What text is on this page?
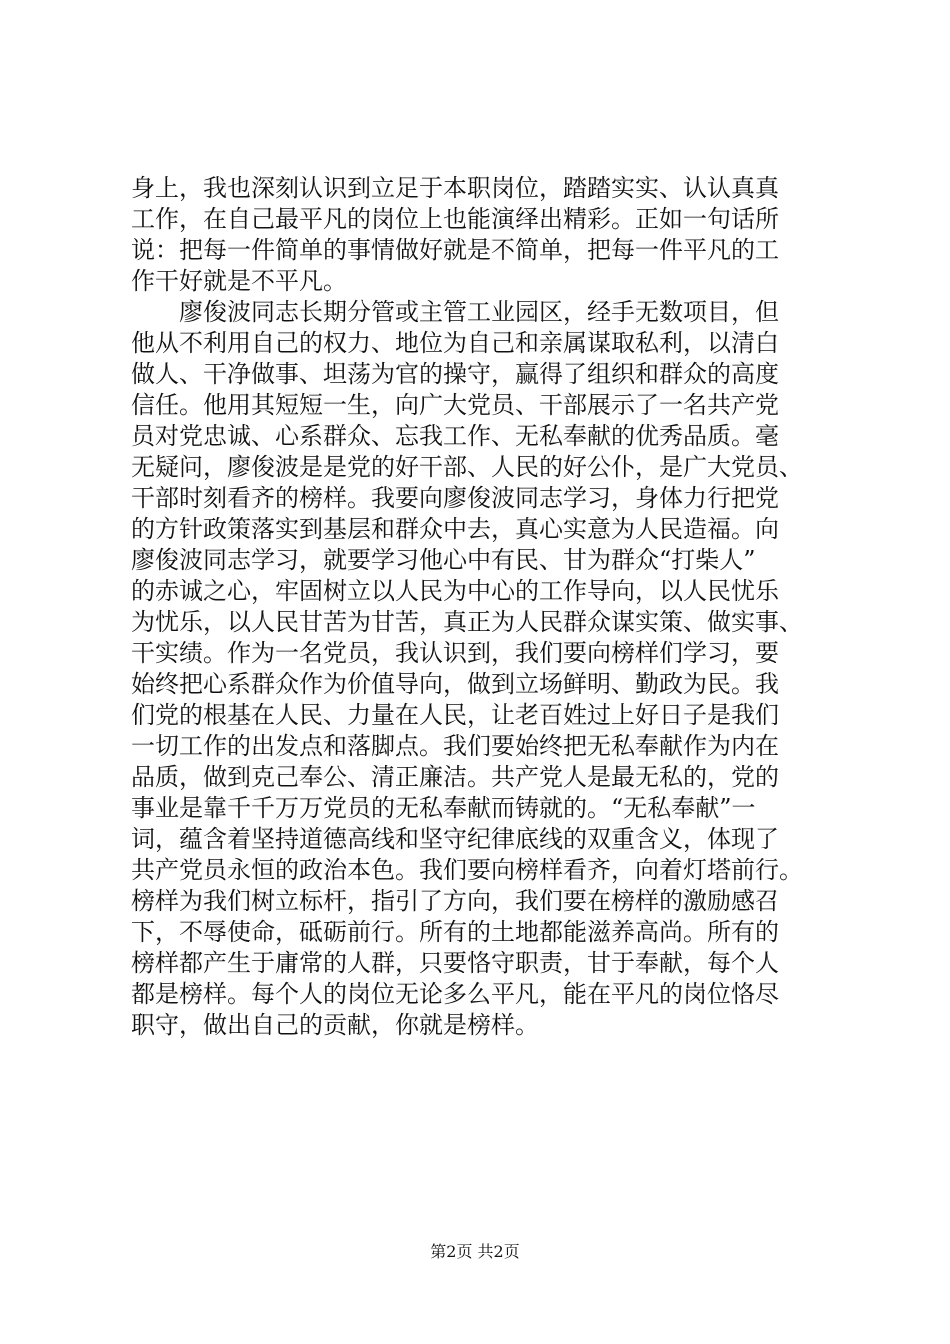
身上，我也深刻认识到立足于本职岗位，踏踏实实、认认真真
工作，在自己最平凡的岗位上也能演绎出精彩。正如一句话所
说：把每一件简单的事情做好就是不简单，把每一件平凡的工
作干好就是不平凡。
　　廖俊波同志长期分管或主管工业园区，经手无数项目，但
他从不利用自己的权力、地位为自己和亲属谋取私利，以清白
做人、干净做事、坦荡为官的操守，赢得了组织和群众的高度
信任。他用其短短一生，向广大党员、干部展示了一名共产党
员对党忠诚、心系群众、忘我工作、无私奉献的优秀品质。毫
无疑问，廖俊波是是党的好干部、人民的好公仆，是广大党员、
干部时刻看齐的榜样。我要向廖俊波同志学习，身体力行把党
的方针政策落实到基层和群众中去，真心实意为人民造福。向
廖俊波同志学习，就要学习他心中有民、甘为群众“打柴人”
的赤诚之心，牢固树立以人民为中心的工作导向，以人民忧乐
为忧乐，以人民甘苦为甘苦，真正为人民群众谋实策、做实事、
干实绩。作为一名党员，我认识到，我们要向榜样们学习，要
始终把心系群众作为价值导向，做到立场鲜明、勤政为民。我
们党的根基在人民、力量在人民，让老百姓过上好日子是我们
一切工作的出发点和落脚点。我们要始终把无私奉献作为内在
品质，做到克己奉公、清正廉洁。共产党人是最无私的，党的
事业是靠千千万万党员的无私奉献而铸就的。“无私奉献”一
词，蕴含着坚持道德高线和坚守纪律底线的双重含义，体现了
共产党员永恒的政治本色。我们要向榜样看齐，向着灯塔前行。
榜样为我们树立标杆，指引了方向，我们要在榜样的激励感召
下，不辱使命，砥砺前行。所有的土地都能滋养高尚。所有的
榜样都产生于庸常的人群，只要恪守职责，甘于奉献，每个人
都是榜样。每个人的岗位无论多么平凡，能在平凡的岗位恪尽
职守，做出自己的贡献，你就是榜样。
第2页 共2页
